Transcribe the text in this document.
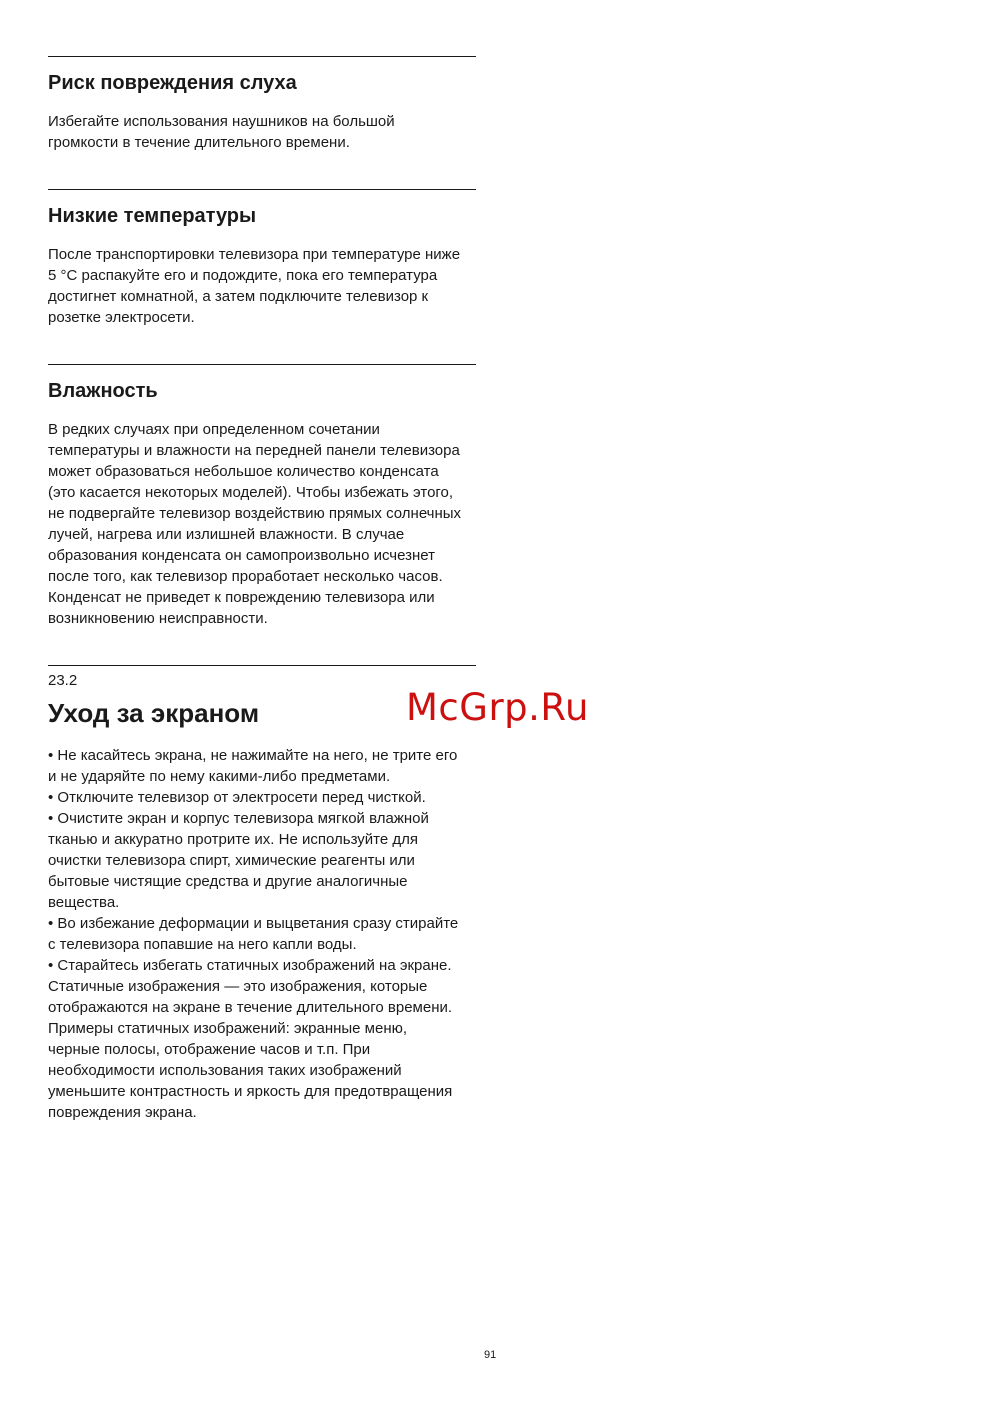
Риск повреждения слуха

Избегайте использования наушников на большой
громкости в течение длительного времени.

Низкие температуры

После транспортировки телевизора при температуре ниже
5 °C распакуйте его и подождите, пока его температура
достигнет комнатной, а затем подключите телевизор к
розетке электросети.

Влажность

В редких случаях при определенном сочетании
температуры и влажности на передней панели телевизора
может образоваться небольшое количество конденсата
(это касается некоторых моделей). Чтобы избежать этого,
не подвергайте телевизор воздействию прямых солнечных
лучей, нагрева или излишней влажности. В случае
образования конденсата он самопроизвольно исчезнет
после того, как телевизор проработает несколько часов.
Конденсат не приведет к повреждению телевизора или
возникновению неисправности.

23.2
Уход за экраном

• Не касайтесь экрана, не нажимайте на него, не трите его
и не ударяйте по нему какими-либо предметами.
• Отключите телевизор от электросети перед чисткой.
• Очистите экран и корпус телевизора мягкой влажной
тканью и аккуратно протрите их. Не используйте для
очистки телевизора спирт, химические реагенты или
бытовые чистящие средства и другие аналогичные
вещества.
• Во избежание деформации и выцветания сразу стирайте
с телевизора попавшие на него капли воды.
• Старайтесь избегать статичных изображений на экране.
Статичные изображения — это изображения, которые
отображаются на экране в течение длительного времени.
Примеры статичных изображений: экранные меню,
черные полосы, отображение часов и т.п. При
необходимости использования таких изображений
уменьшите контрастность и яркость для предотвращения
повреждения экрана.

McGrp.Ru
91
